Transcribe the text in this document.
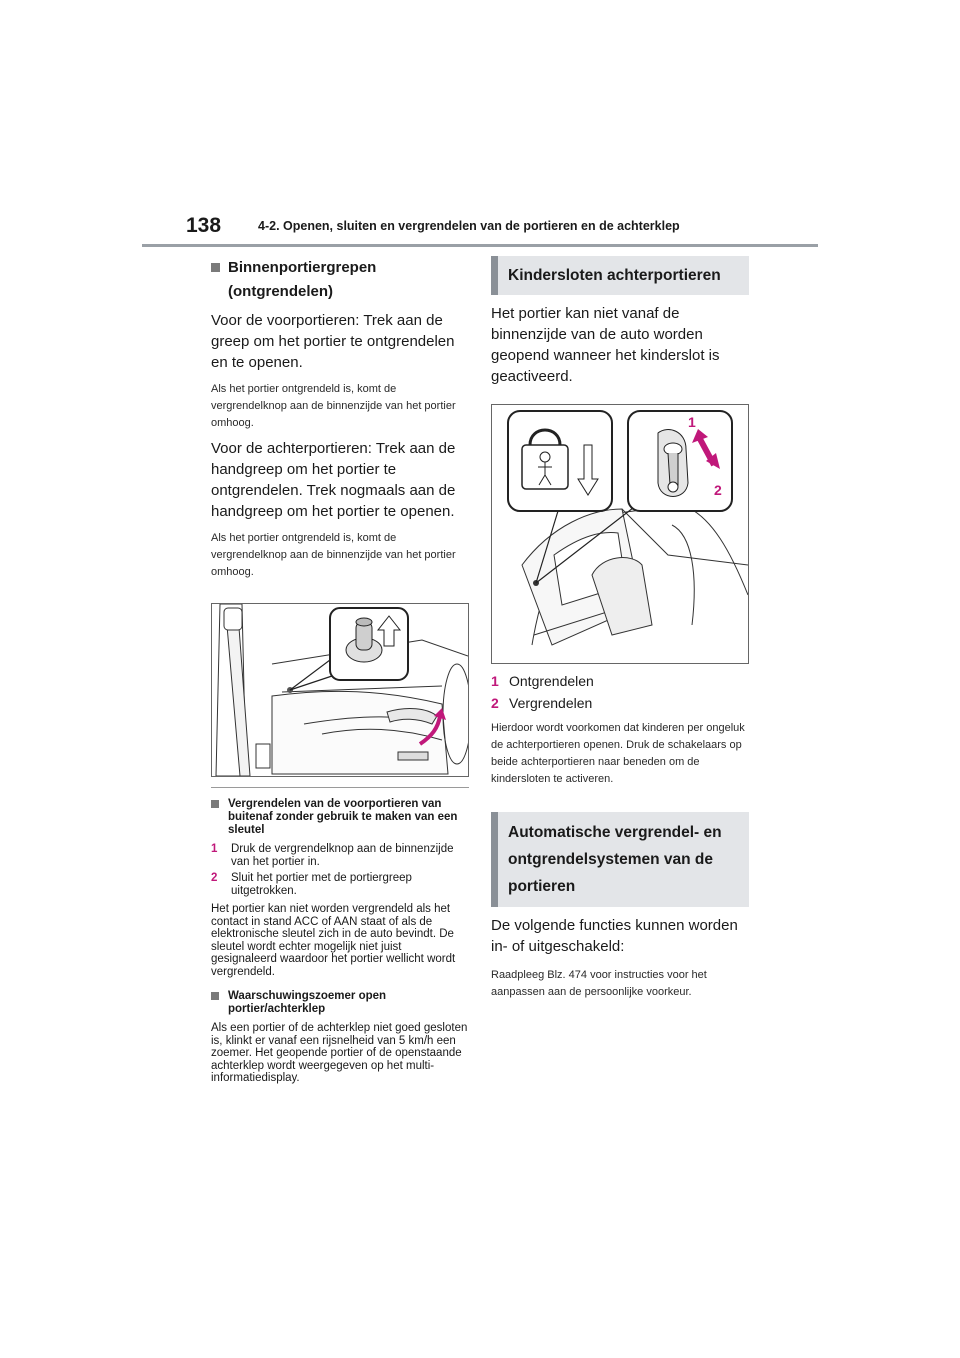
138	4-2. Openen, sluiten en vergrendelen van de portieren en de achterklep
Binnenportiergrepen
(ontgrendelen)

Voor de voorportieren: Trek aan de greep om het portier te ontgrendelen en te openen.

Als het portier ontgrendeld is, komt de vergrendelknop aan de binnenzijde van het portier omhoog.

Voor de achterportieren: Trek aan de handgreep om het portier te ontgrendelen. Trek nogmaals aan de handgreep om het portier te openen.

Als het portier ontgrendeld is, komt de vergrendelknop aan de binnenzijde van het portier omhoog.

Vergrendelen van de voorportieren van buitenaf zonder gebruik te maken van een sleutel
1 Druk de vergrendelknop aan de binnenzijde van het portier in.
2 Sluit het portier met de portiergreep uitgetrokken.

Het portier kan niet worden vergrendeld als het contact in stand ACC of AAN staat of als de elektronische sleutel zich in de auto bevindt. De sleutel wordt echter mogelijk niet juist gesignaleerd waardoor het portier wellicht wordt vergrendeld.

Waarschuwingszoemer open portier/achterklep

Als een portier of de achterklep niet goed gesloten is, klinkt er vanaf een rijsnelheid van 5 km/h een zoemer. Het geopende portier of de openstaande achterklep wordt weergegeven op het multi-informatiedisplay.

Kindersloten achterportieren

Het portier kan niet vanaf de binnenzijde van de auto worden geopend wanneer het kinderslot is geactiveerd.

1
2
1 Ontgrendelen
2 Vergrendelen

Hierdoor wordt voorkomen dat kinderen per ongeluk de achterportieren openen. Druk de schakelaars op beide achterportieren naar beneden om de kindersloten te activeren.

Automatische vergrendel- en ontgrendelsystemen van de portieren

De volgende functies kunnen worden in- of uitgeschakeld:

Raadpleeg Blz. 474 voor instructies voor het aanpassen aan de persoonlijke voorkeur.
